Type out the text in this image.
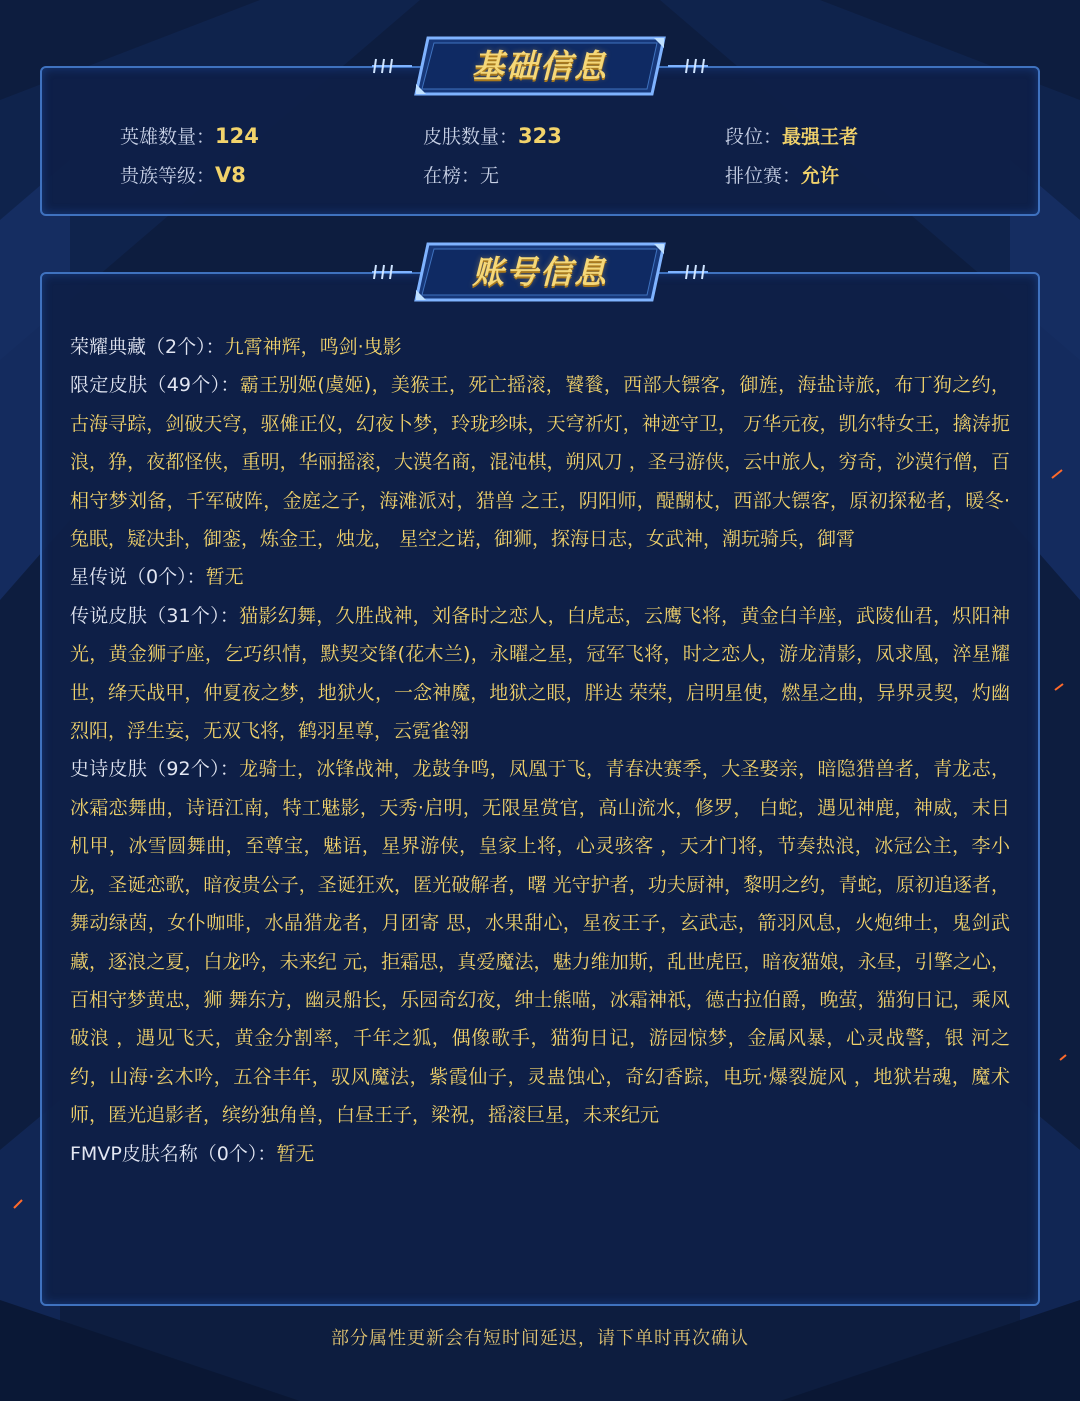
英雄数量：124	皮肤数量：323	段位：最强王者
贵族等级：V8	在榜：无	排位赛：允许
基础信息

荣耀典藏（2个）：九霄神辉，鸣剑·曳影

限定皮肤（49个）：霸王别姬(虞姬)，美猴王，死亡摇滚，饕餮，西部大镖客，御旌，海盐诗旅，布丁狗之约，古海寻踪，剑破天穹，驱傩正仪，幻夜卜梦，玲珑珍味，天穹祈灯，神迹守卫， 万华元夜，凯尔特女王，擒涛扼浪，狰，夜都怪侠，重明，华丽摇滚，大漠名商，混沌棋，朔风刀 ，圣弓游侠，云中旅人，穷奇，沙漠行僧，百相守梦刘备，千军破阵，金庭之子，海滩派对，猎兽 之王，阴阳师，醍醐杖，西部大镖客，原初探秘者，暖冬·兔眠，疑决卦，御銮，炼金王，烛龙， 星空之诺，御狮，探海日志，女武神，潮玩骑兵，御霄

星传说（0个）：暂无

传说皮肤（31个）：猫影幻舞，久胜战神，刘备时之恋人，白虎志，云鹰飞将，黄金白羊座，武陵仙君，炽阳神光，黄金狮子座，乞巧织情，默契交锋(花木兰)，永曜之星，冠军飞将，时之恋人，游龙清影，凤求凰，淬星耀世，绛天战甲，仲夏夜之梦，地狱火，一念神魔，地狱之眼，胖达 荣荣，启明星使，燃星之曲，异界灵契，灼幽烈阳，浮生妄，无双飞将，鹤羽星尊，云霓雀翎

史诗皮肤（92个）：龙骑士，冰锋战神，龙鼓争鸣，凤凰于飞，青春决赛季，大圣娶亲，暗隐猎兽者，青龙志，冰霜恋舞曲，诗语江南，特工魅影，天秀·启明，无限星赏官，高山流水，修罗， 白蛇，遇见神鹿，神威，末日机甲，冰雪圆舞曲，至尊宝，魅语，星界游侠，皇家上将，心灵骇客 ，天才门将，节奏热浪，冰冠公主，李小龙，圣诞恋歌，暗夜贵公子，圣诞狂欢，匿光破解者，曙 光守护者，功夫厨神，黎明之约，青蛇，原初追逐者，舞动绿茵，女仆咖啡，水晶猎龙者，月团寄 思，水果甜心，星夜王子，玄武志，箭羽风息，火炮绅士，鬼剑武藏，逐浪之夏，白龙吟，未来纪 元，拒霜思，真爱魔法，魅力维加斯，乱世虎臣，暗夜猫娘，永昼，引擎之心，百相守梦黄忠，狮 舞东方，幽灵船长，乐园奇幻夜，绅士熊喵，冰霜神祇，德古拉伯爵，晚萤，猫狗日记，乘风破浪 ，遇见飞天，黄金分割率，千年之狐，偶像歌手，猫狗日记，游园惊梦，金属风暴，心灵战警，银 河之约，山海·玄木吟，五谷丰年，驭风魔法，紫霞仙子，灵蛊蚀心，奇幻香踪，电玩·爆裂旋风 ，地狱岩魂，魔术师，匿光追影者，缤纷独角兽，白昼王子，梁祝，摇滚巨星，未来纪元

FMVP皮肤名称（0个）：暂无

账号信息
部分属性更新会有短时间延迟，请下单时再次确认
